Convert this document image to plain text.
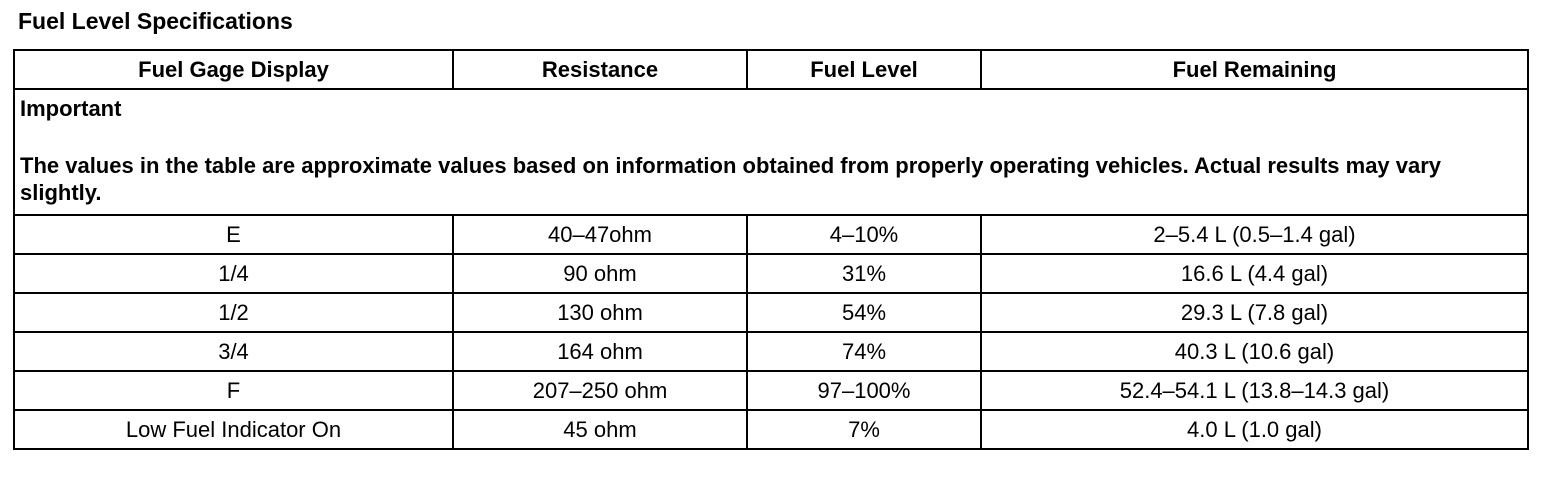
Fuel Level Specifications
Fuel Gage Display	Resistance	Fuel Level	Fuel Remaining

Important
The values in the table are approximate values based on information obtained from properly operating vehicles. Actual results may vary slightly.			

E	40–47ohm	4–10%	2–5.4 L (0.5–1.4 gal)
1/4	90 ohm	31%	16.6 L (4.4 gal)
1/2	130 ohm	54%	29.3 L (7.8 gal)
3/4	164 ohm	74%	40.3 L (10.6 gal)
F	207–250 ohm	97–100%	52.4–54.1 L (13.8–14.3 gal)
Low Fuel Indicator On	45 ohm	7%	4.0 L (1.0 gal)
